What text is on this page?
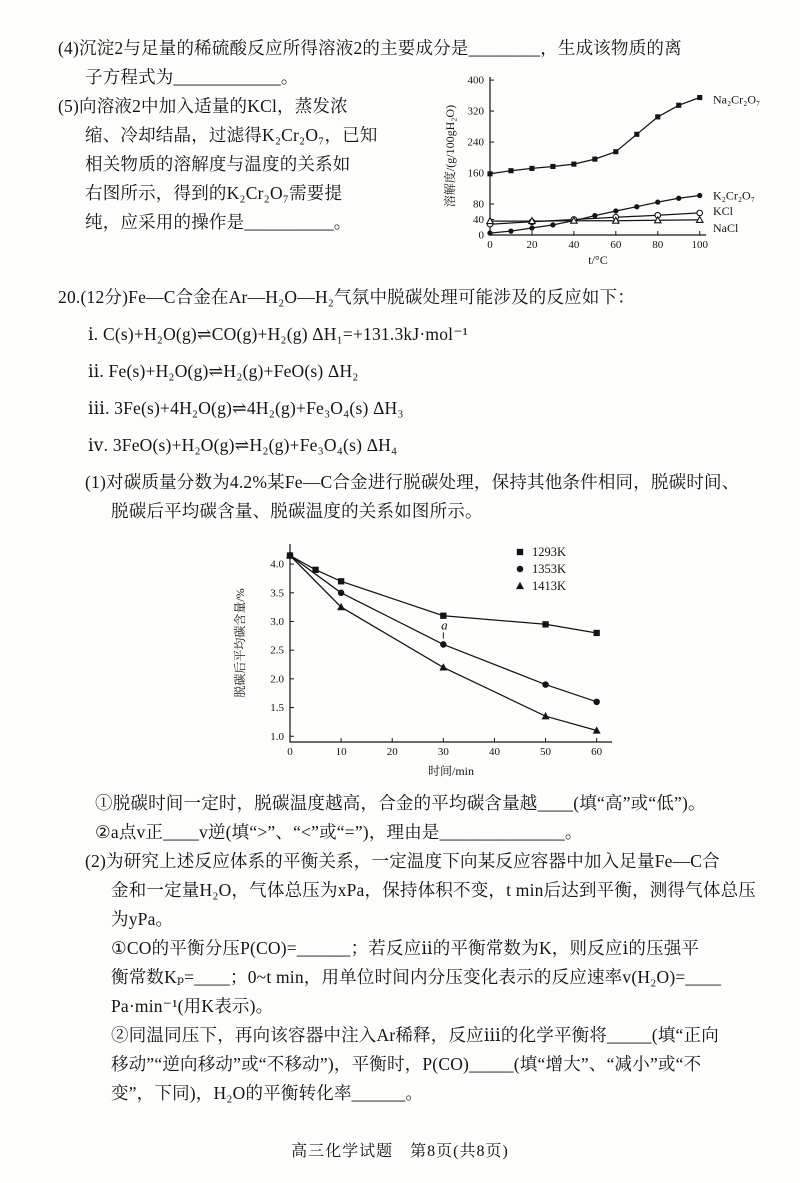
(4)沉淀2与足量的稀硫酸反应所得溶液2的主要成分是________，生成该物质的离
子方程式为____________。
(5)向溶液2中加入适量的KCl，蒸发浓
缩、冷却结晶，过滤得K₂Cr₂O₇，已知
相关物质的溶解度与温度的关系如
右图所示，得到的K₂Cr₂O₇需要提
纯，应采用的操作是__________。
0	20	40	60	80	100
0
40
80
160
240
320
400
t/°C
溶解度/(g/100gH₂O)
Na₂Cr₂O₇
K₂Cr₂O₇
KCl
NaCl
20.(12分)Fe—C合金在Ar—H₂O—H₂气氛中脱碳处理可能涉及的反应如下：
ⅰ. C(s)+H₂O(g)⇌CO(g)+H₂(g) ΔH₁=+131.3kJ·mol⁻¹
ⅱ. Fe(s)+H₂O(g)⇌H₂(g)+FeO(s) ΔH₂
ⅲ. 3Fe(s)+4H₂O(g)⇌4H₂(g)+Fe₃O₄(s) ΔH₃
ⅳ. 3FeO(s)+H₂O(g)⇌H₂(g)+Fe₃O₄(s) ΔH₄
(1)对碳质量分数为4.2%某Fe—C合金进行脱碳处理，保持其他条件相同，脱碳时间、
脱碳后平均碳含量、脱碳温度的关系如图所示。
0	10	20	30	40	50	60
1.0
1.5
2.0
2.5
3.0
3.5
4.0
时间/min
脱碳后平均碳含量/%
1293K
1353K
1413K
a
①脱碳时间一定时，脱碳温度越高，合金的平均碳含量越____(填“高”或“低”)。
②a点v正____v逆(填“>”、“<”或“=”)，理由是______________。
(2)为研究上述反应体系的平衡关系，一定温度下向某反应容器中加入足量Fe—C合
金和一定量H₂O，气体总压为xPa，保持体积不变，t min后达到平衡，测得气体总压
为yPa。
①CO的平衡分压P(CO)=______；若反应ⅱ的平衡常数为K，则反应ⅰ的压强平
衡常数Kₚ=____；0~t min，用单位时间内分压变化表示的反应速率v(H₂O)=____
Pa·min⁻¹(用K表示)。
②同温同压下，再向该容器中注入Ar稀释，反应ⅲ的化学平衡将_____(填“正向
移动”“逆向移动”或“不移动”)，平衡时，P(CO)_____(填“增大”、“减小”或“不
变”，下同)，H₂O的平衡转化率______。
高三化学试题　第8页(共8页)
